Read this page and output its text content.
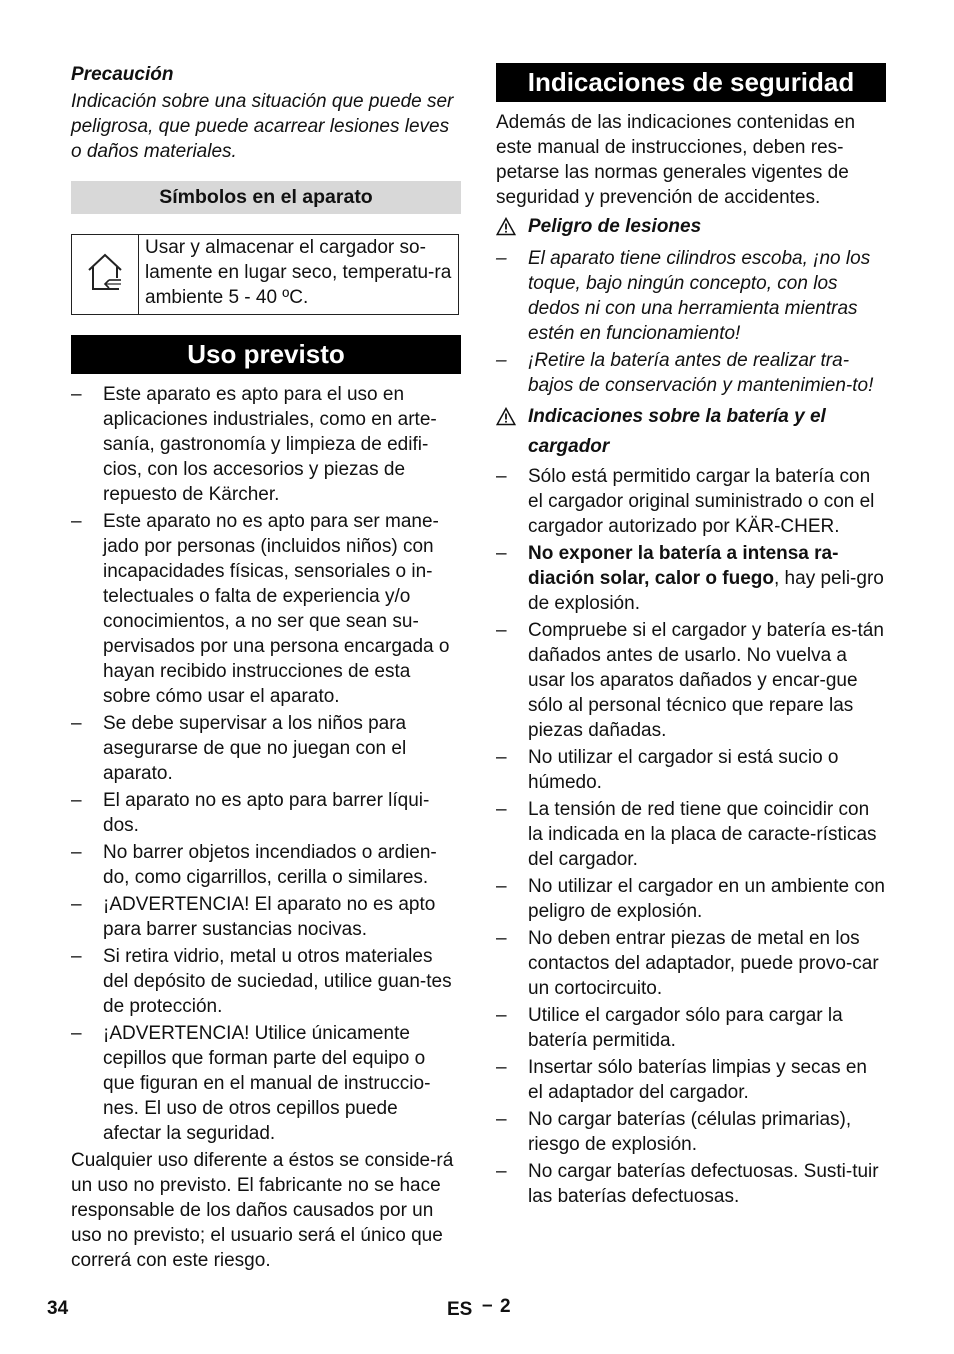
Precaución

Indicación sobre una situación que puede ser peligrosa, que puede acarrear lesiones leves o daños materiales.

Símbolos en el aparato

Usar y almacenar el cargador so-lamente en lugar seco, temperatu-ra ambiente 5 - 40 ºC.

Uso previsto

– Este aparato es apto para el uso en aplicaciones industriales, como en arte-sanía, gastronomía y limpieza de edifi-cios, con los accesorios y piezas de repuesto de Kärcher.
– Este aparato no es apto para ser mane-jado por personas (incluidos niños) con incapacidades físicas, sensoriales o in-telectuales o falta de experiencia y/o conocimientos, a no ser que sean su-pervisados por una persona encargada o hayan recibido instrucciones de esta sobre cómo usar el aparato.
– Se debe supervisar a los niños para asegurarse de que no juegan con el aparato.
– El aparato no es apto para barrer líqui-dos.
– No barrer objetos incendiados o ardien-do, como cigarrillos, cerilla o similares.
– ¡ADVERTENCIA! El aparato no es apto para barrer sustancias nocivas.
– Si retira vidrio, metal u otros materiales del depósito de suciedad, utilice guan-tes de protección.
– ¡ADVERTENCIA! Utilice únicamente cepillos que forman parte del equipo o que figuran en el manual de instruccio-nes. El uso de otros cepillos puede afectar la seguridad.

Cualquier uso diferente a éstos se conside-rá un uso no previsto. El fabricante no se hace responsable de los daños causados por un uso no previsto; el usuario será el único que correrá con este riesgo.

Indicaciones de seguridad

Además de las indicaciones contenidas en este manual de instrucciones, deben res-petarse las normas generales vigentes de seguridad y prevención de accidentes.

Peligro de lesiones
– El aparato tiene cilindros escoba, ¡no los toque, bajo ningún concepto, con los dedos ni con una herramienta mientras estén en funcionamiento!
– ¡Retire la batería antes de realizar tra-bajos de conservación y mantenimien-to!
Indicaciones sobre la batería y el cargador
– Sólo está permitido cargar la batería con el cargador original suministrado o con el cargador autorizado por KÄR-CHER.
– No exponer la batería a intensa ra-diación solar, calor o fuego, hay peli-gro de explosión.
– Compruebe si el cargador y batería es-tán dañados antes de usarlo. No vuelva a usar los aparatos dañados y encar-gue sólo al personal técnico que repare las piezas dañadas.
– No utilizar el cargador si está sucio o húmedo.
– La tensión de red tiene que coincidir con la indicada en la placa de caracte-rísticas del cargador.
– No utilizar el cargador en un ambiente con peligro de explosión.
– No deben entrar piezas de metal en los contactos del adaptador, puede provo-car un cortocircuito.
– Utilice el cargador sólo para cargar la batería permitida.
– Insertar sólo baterías limpias y secas en el adaptador del cargador.
– No cargar baterías (células primarias), riesgo de explosión.
– No cargar baterías defectuosas. Susti-tuir las baterías defectuosas.
34	ES – 2
